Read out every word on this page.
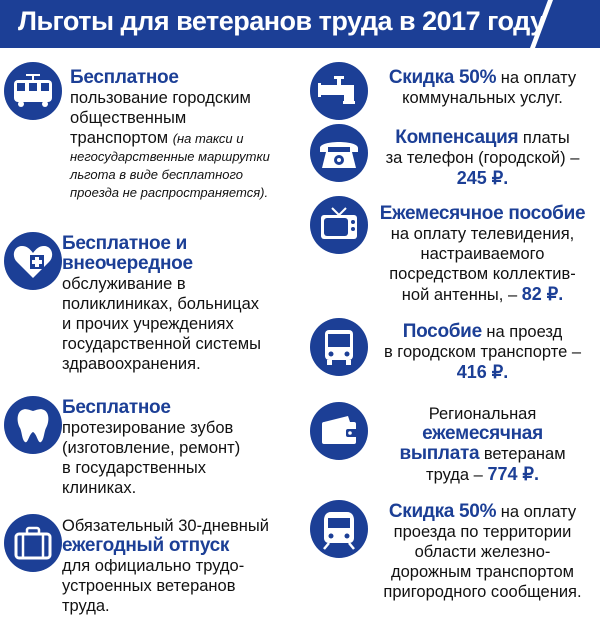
Льготы для ветеранов труда в 2017 году
Бесплатное
пользование городским
общественным
транспортом (на такси и
негосударственные маршрутки
льгота в виде бесплатного
проезда не распространяется).
Бесплатное и
внеочередное
обслуживание в
поликлиниках, больницах
и прочих учреждениях
государственной системы
здравоохранения.
Бесплатное
протезирование зубов
(изготовление, ремонт)
в государственных
клиниках.
Обязательный 30-дневный
ежегодный отпуск
для официально трудо-
устроенных ветеранов
труда.
Скидка 50% на оплату
коммунальных услуг.
Компенсация платы
за телефон (городской) –
245 ₽.
Ежемесячное пособие
на оплату телевидения,
настраиваемого
посредством коллектив-
ной антенны, – 82 ₽.
Пособие на проезд
в городском транспорте –
416 ₽.
Региональная
ежемесячная
выплата ветеранам
труда – 774 ₽.
Скидка 50% на оплату
проезда по территории
области железно-
дорожным транспортом
пригородного сообщения.
